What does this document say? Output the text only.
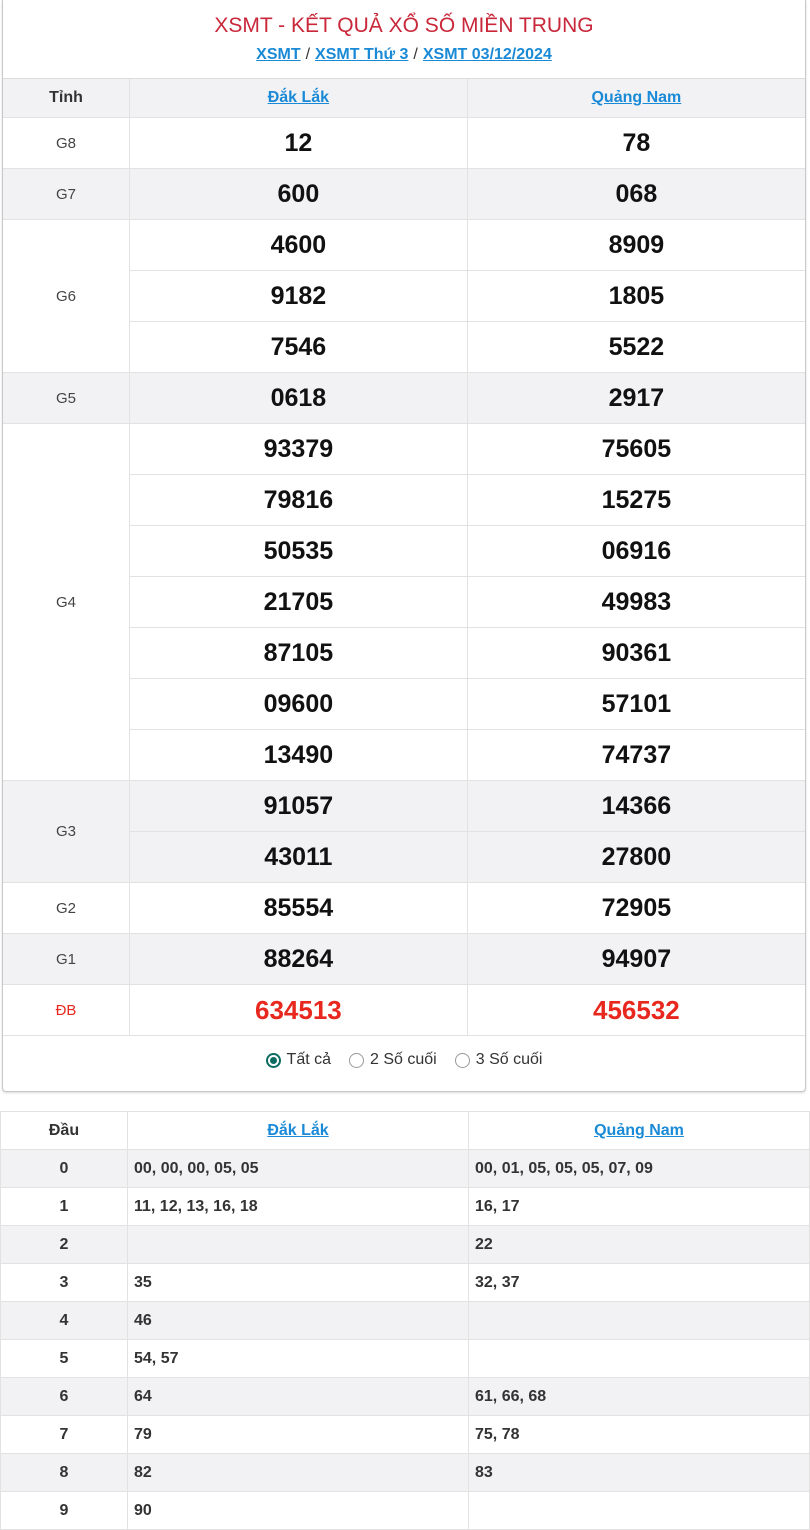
XSMT - KẾT QUẢ XỔ SỐ MIỀN TRUNG
XSMT / XSMT Thứ 3 / XSMT 03/12/2024
Tỉnh	Đắk Lắk	Quảng Nam
G8	12	78
G7	600	068
G6	4600	8909
	9182	1805
	7546	5522
G5	0618	2917
G4	93379	75605
	79816	15275
	50535	06916
	21705	49983
	87105	90361
	09600	57101
	13490	74737
G3	91057	14366
	43011	27800
G2	85554	72905
G1	88264	94907
ĐB	634513	456532
Tất cả 2 Số cuối 3 Số cuối
Đầu	Đắk Lắk	Quảng Nam
0	00, 00, 00, 05, 05	00, 01, 05, 05, 05, 07, 09
1	11, 12, 13, 16, 18	16, 17
2		22
3	35	32, 37
4	46	
5	54, 57	
6	64	61, 66, 68
7	79	75, 78
8	82	83
9	90	
